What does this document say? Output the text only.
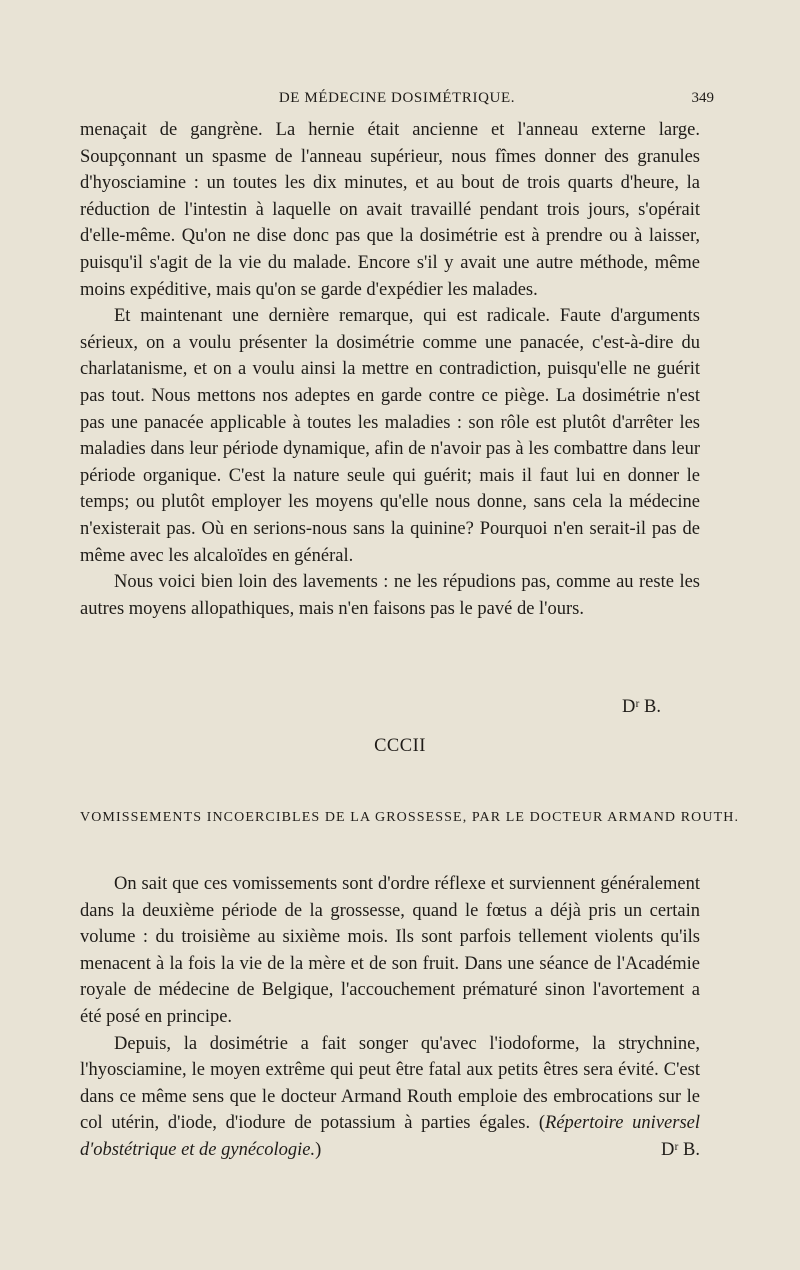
DE MÉDECINE DOSIMÉTRIQUE.	349

menaçait de gangrène. La hernie était ancienne et l'anneau externe large. Soupçonnant un spasme de l'anneau supérieur, nous fîmes donner des granules d'hyosciamine : un toutes les dix minutes, et au bout de trois quarts d'heure, la réduction de l'intestin à laquelle on avait travaillé pendant trois jours, s'opérait d'elle-même. Qu'on ne dise donc pas que la dosimétrie est à prendre ou à laisser, puisqu'il s'agit de la vie du malade. Encore s'il y avait une autre méthode, même moins expéditive, mais qu'on se garde d'expédier les malades.

Et maintenant une dernière remarque, qui est radicale. Faute d'arguments sérieux, on a voulu présenter la dosimétrie comme une panacée, c'est-à-dire du charlatanisme, et on a voulu ainsi la mettre en contradiction, puisqu'elle ne guérit pas tout. Nous mettons nos adeptes en garde contre ce piège. La dosimétrie n'est pas une panacée applicable à toutes les maladies : son rôle est plutôt d'arrêter les maladies dans leur période dynamique, afin de n'avoir pas à les combattre dans leur période organique. C'est la nature seule qui guérit; mais il faut lui en donner le temps; ou plutôt employer les moyens qu'elle nous donne, sans cela la médecine n'existerait pas. Où en serions-nous sans la quinine? Pourquoi n'en serait-il pas de même avec les alcaloïdes en général.

Nous voici bien loin des lavements : ne les répudions pas, comme au reste les autres moyens allopathiques, mais n'en faisons pas le pavé de l'ours.

Dʳ B.
CCCII
VOMISSEMENTS INCOERCIBLES DE LA GROSSESSE, PAR LE DOCTEUR ARMAND ROUTH.

On sait que ces vomissements sont d'ordre réflexe et surviennent généralement dans la deuxième période de la grossesse, quand le fœtus a déjà pris un certain volume : du troisième au sixième mois. Ils sont parfois tellement violents qu'ils menacent à la fois la vie de la mère et de son fruit. Dans une séance de l'Académie royale de médecine de Belgique, l'accouchement prématuré sinon l'avortement a été posé en principe.

Depuis, la dosimétrie a fait songer qu'avec l'iodoforme, la strychnine, l'hyosciamine, le moyen extrême qui peut être fatal aux petits êtres sera évité. C'est dans ce même sens que le docteur Armand Routh emploie des embrocations sur le col utérin, d'iode, d'iodure de potassium à parties égales. (Répertoire universel d'obstétrique et de gynécologie.)	Dʳ B.
